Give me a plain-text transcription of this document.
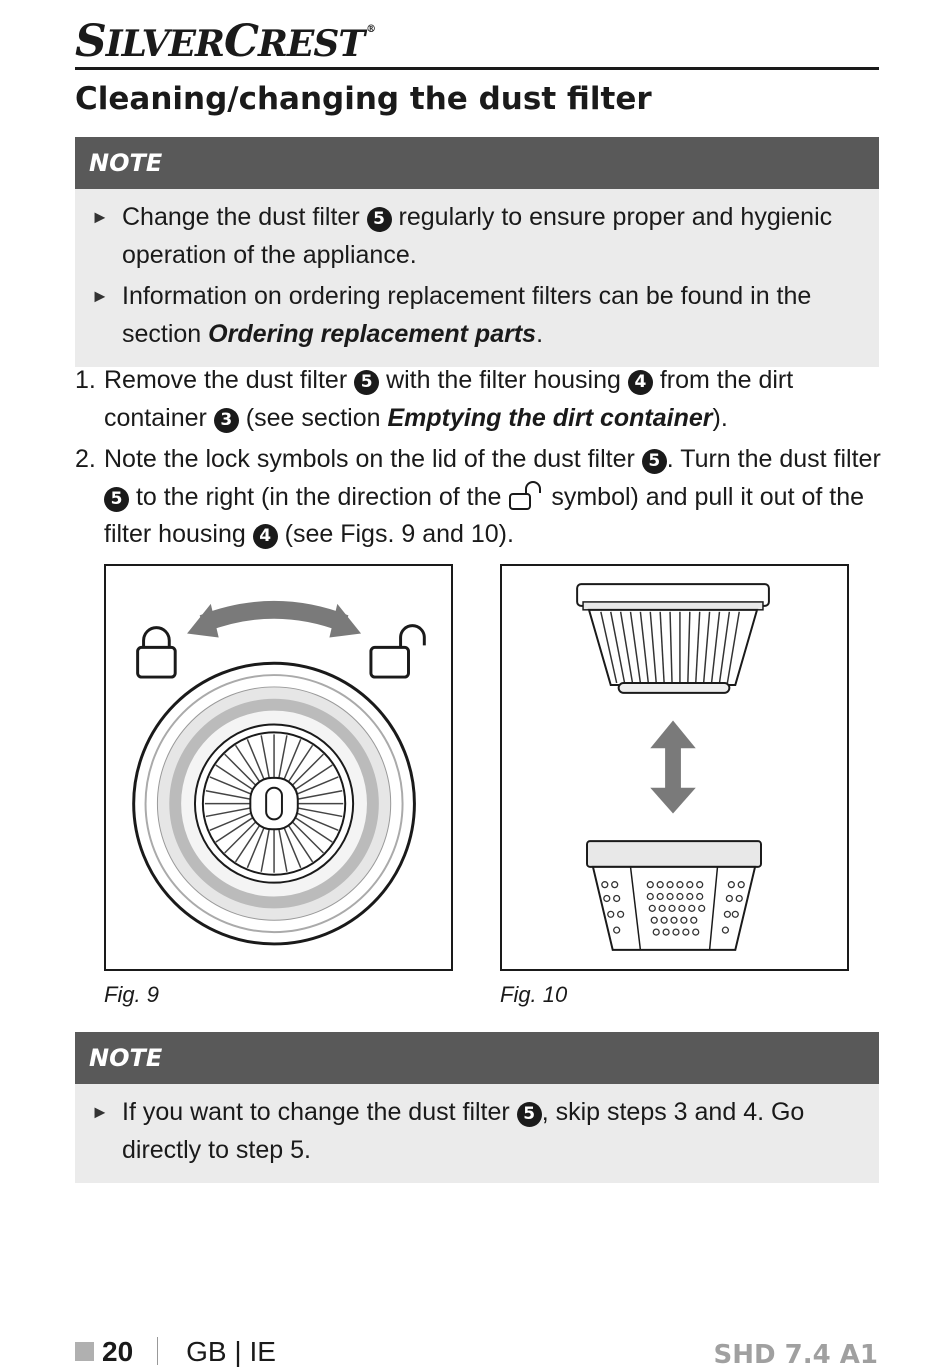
SILVERCREST ®
Cleaning/changing the dust filter
NOTE
► Change the dust filter 5 regularly to ensure proper and hygienic operation of the appliance.
► Information on ordering replacement filters can be found in the section Ordering replacement parts.
1. Remove the dust filter 5 with the filter housing 4 from the dirt container 3 (see section Emptying the dirt container).
2. Note the lock symbols on the lid of the dust filter 5 . Turn the dust filter 5 to the right (in the direction of the  symbol) and pull it out of the filter housing 4 (see Figs. 9 and 10).
Fig. 9	Fig. 10
NOTE
► If you want to change the dust filter 5 , skip steps 3 and 4. Go directly to step 5.
20 GB | IE	SHD 7.4 A1
